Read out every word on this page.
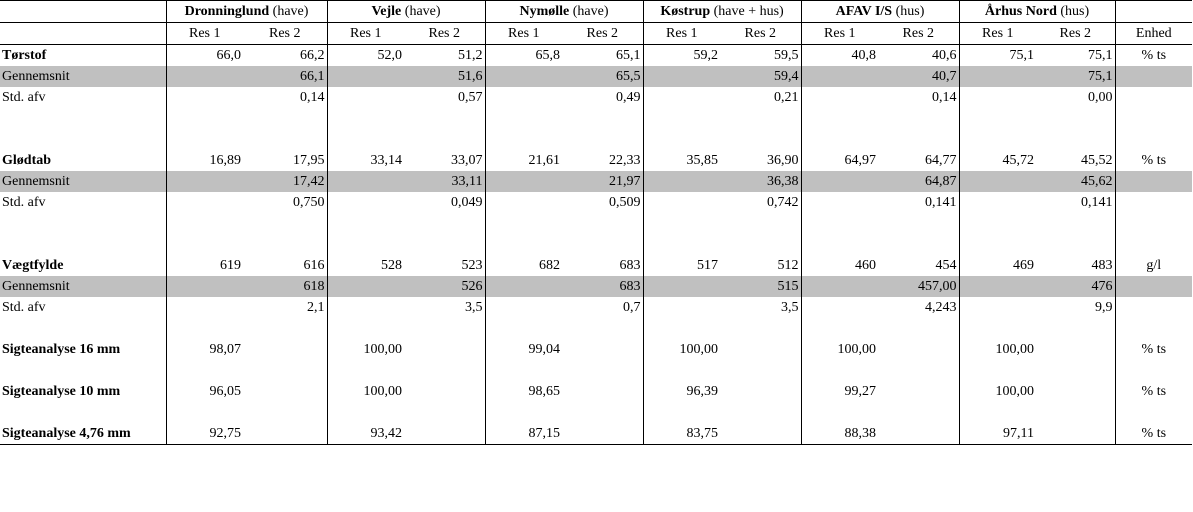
	Dronninglund (have)		Vejle (have)		Nymølle (have)		Køstrup (have + hus)		AFAV I/S (hus)		Århus Nord (hus)		
	Res 1	Res 2	Res 1	Res 2	Res 1	Res 2	Res 1	Res 2	Res 1	Res 2	Res 1	Res 2	Enhed
Tørstof	66,0	66,2	52,0	51,2	65,8	65,1	59,2	59,5	40,8	40,6	75,1	75,1	% ts
Gennemsnit		66,1		51,6		65,5		59,4		40,7		75,1	
Std. afv		0,14		0,57		0,49		0,21		0,14		0,00	

Glødtab	16,89	17,95	33,14	33,07	21,61	22,33	35,85	36,90	64,97	64,77	45,72	45,52	% ts
Gennemsnit		17,42		33,11		21,97		36,38		64,87		45,62	
Std. afv		0,750		0,049		0,509		0,742		0,141		0,141	

Vægtfylde	619	616	528	523	682	683	517	512	460	454	469	483	g/l
Gennemsnit		618		526		683		515		457,00		476	
Std. afv		2,1		3,5		0,7		3,5		4,243		9,9	
Sigteanalyse 16 mm	98,07		100,00		99,04		100,00		100,00		100,00		% ts
Sigteanalyse 10 mm	96,05		100,00		98,65		96,39		99,27		100,00		% ts
Sigteanalyse 4,76 mm	92,75		93,42		87,15		83,75		88,38		97,11		% ts
